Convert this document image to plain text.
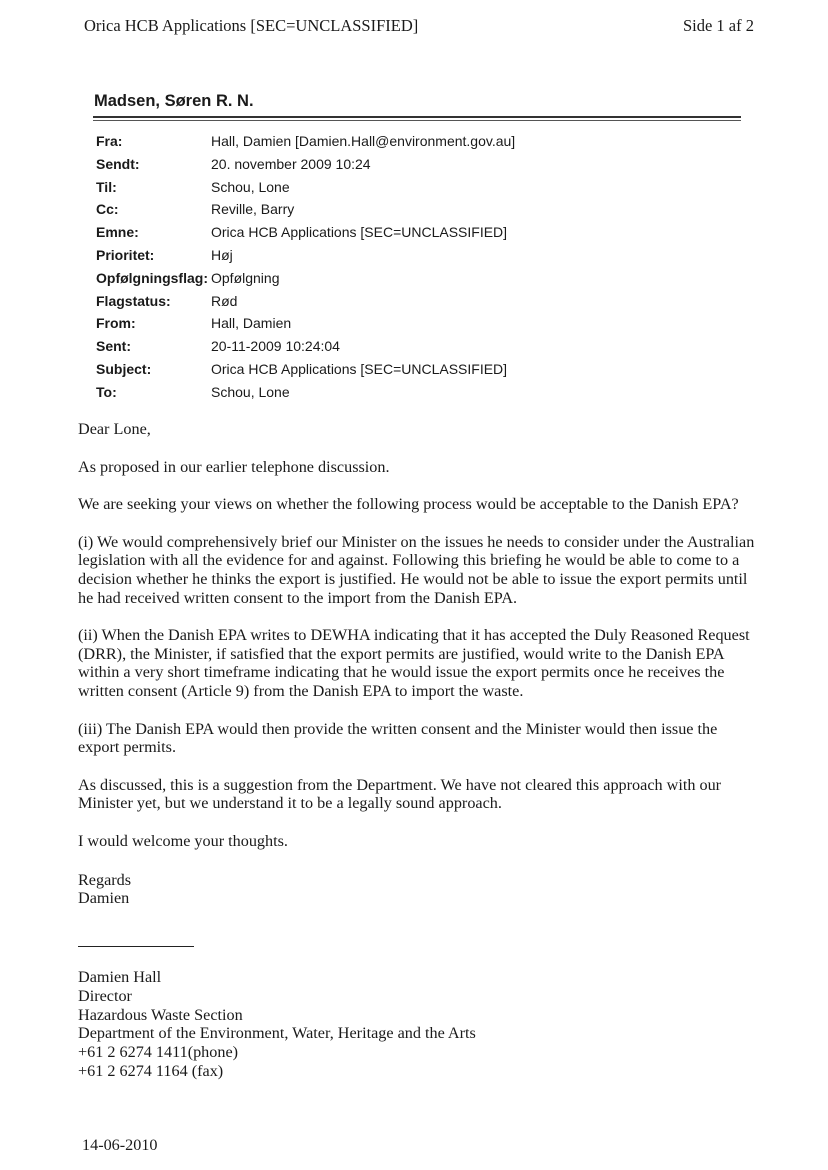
Orica HCB Applications [SEC=UNCLASSIFIED]	Side 1 af 2
Madsen, Søren R. N.
Fra:	Hall, Damien [Damien.Hall@environment.gov.au]
Sendt:	20. november 2009 10:24
Til:	Schou, Lone
Cc:	Reville, Barry
Emne:	Orica HCB Applications [SEC=UNCLASSIFIED]
Prioritet:	Høj
Opfølgningsflag: Opfølgning
Flagstatus:	Rød
From:	Hall, Damien
Sent:	20-11-2009 10:24:04
Subject:	Orica HCB Applications [SEC=UNCLASSIFIED]
To:	Schou, Lone

Dear Lone,

As proposed in our earlier telephone discussion.

We are seeking your views on whether the following process would be acceptable to the Danish EPA?

(i) We would comprehensively brief our Minister on the issues he needs to consider under the Australian legislation with all the evidence for and against. Following this briefing he would be able to come to a decision whether he thinks the export is justified. He would not be able to issue the export permits until he had received written consent to the import from the Danish EPA.

(ii) When the Danish EPA writes to DEWHA indicating that it has accepted the Duly Reasoned Request (DRR), the Minister, if satisfied that the export permits are justified, would write to the Danish EPA within a very short timeframe indicating that he would issue the export permits once he receives the written consent (Article 9) from the Danish EPA to import the waste.

(iii) The Danish EPA would then provide the written consent and the Minister would then issue the export permits.

As discussed, this is a suggestion from the Department. We have not cleared this approach with our Minister yet, but we understand it to be a legally sound approach.

I would welcome your thoughts.

Regards
Damien
Damien Hall
Director
Hazardous Waste Section
Department of the Environment, Water, Heritage and the Arts
+61 2 6274 1411(phone)
+61 2 6274 1164 (fax)
14-06-2010
